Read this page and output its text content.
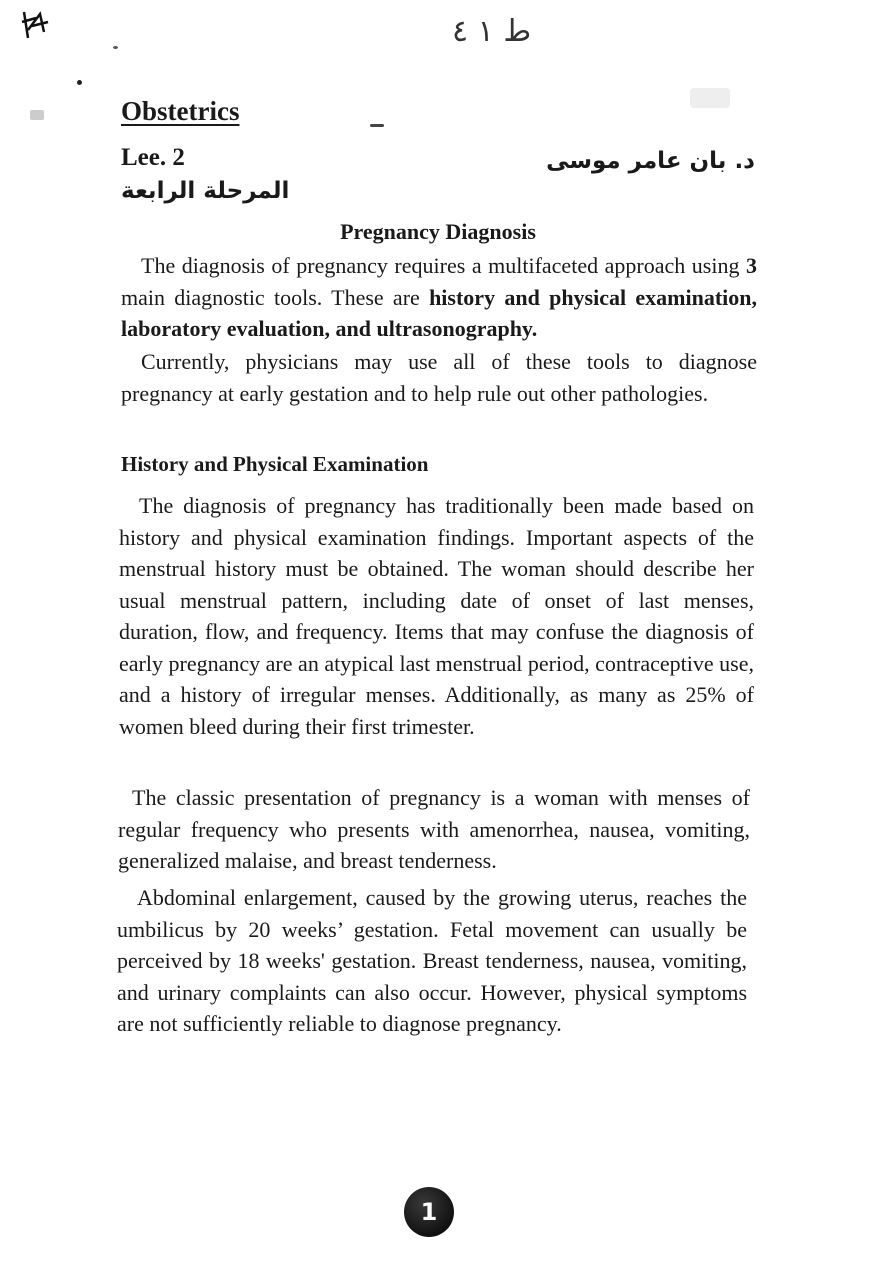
ط ١ ٤
Obstetrics
Lee. 2
المرحلة الرابعة
د. بان عامر موسى
Pregnancy Diagnosis

The diagnosis of pregnancy requires a multifaceted approach using 3 main diagnostic tools. These are history and physical examination, laboratory evaluation, and ultrasonography.

Currently, physicians may use all of these tools to diagnose pregnancy at early gestation and to help rule out other pathologies.

History and Physical Examination

The diagnosis of pregnancy has traditionally been made based on history and physical examination findings. Important aspects of the menstrual history must be obtained. The woman should describe her usual menstrual pattern, including date of onset of last menses, duration, flow, and frequency. Items that may confuse the diagnosis of early pregnancy are an atypical last menstrual period, contraceptive use, and a history of irregular menses. Additionally, as many as 25% of women bleed during their first trimester.

The classic presentation of pregnancy is a woman with menses of regular frequency who presents with amenorrhea, nausea, vomiting, generalized malaise, and breast tenderness.

Abdominal enlargement, caused by the growing uterus, reaches the umbilicus by 20 weeks’ gestation. Fetal movement can usually be perceived by 18 weeks' gestation. Breast tenderness, nausea, vomiting, and urinary complaints can also occur. However, physical symptoms are not sufficiently reliable to diagnose pregnancy.

1
